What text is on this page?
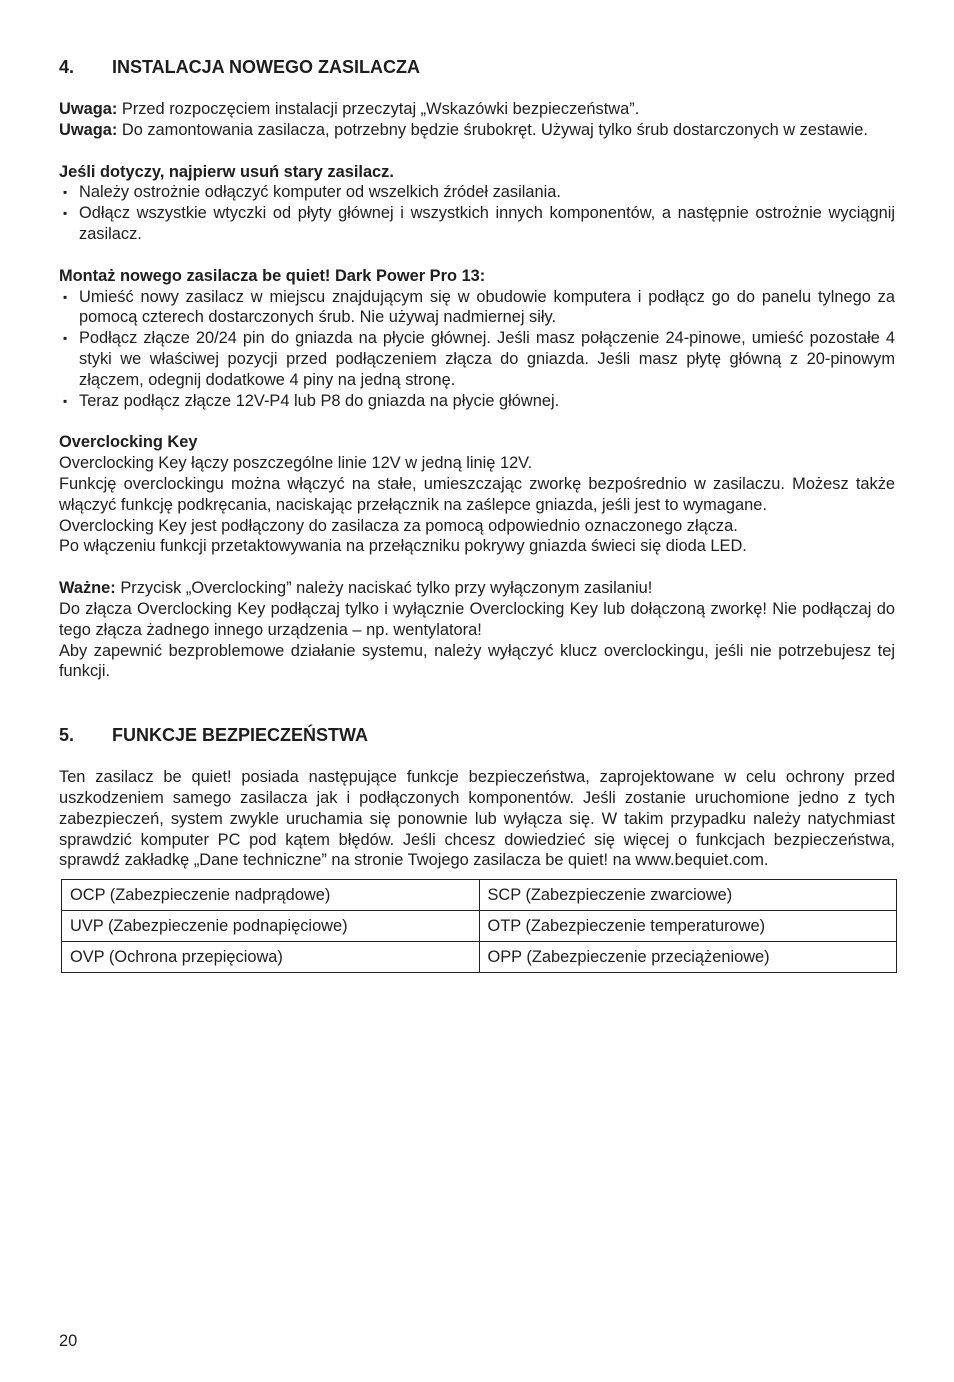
4.	INSTALACJA NOWEGO ZASILACZA

Uwaga: Przed rozpoczęciem instalacji przeczytaj „Wskazówki bezpieczeństwa”.

Uwaga: Do zamontowania zasilacza, potrzebny będzie śrubokręt. Używaj tylko śrub dostarczonych w zestawie.

Jeśli dotyczy, najpierw usuń stary zasilacz.

▪ Należy ostrożnie odłączyć komputer od wszelkich źródeł zasilania.
▪ Odłącz wszystkie wtyczki od płyty głównej i wszystkich innych komponentów, a następnie ostrożnie wyciągnij zasilacz.

Montaż nowego zasilacza be quiet! Dark Power Pro 13:

▪ Umieść nowy zasilacz w miejscu znajdującym się w obudowie komputera i podłącz go do panelu tylnego za pomocą czterech dostarczonych śrub. Nie używaj nadmiernej siły.
▪ Podłącz złącze 20/24 pin do gniazda na płycie głównej. Jeśli masz połączenie 24-pinowe, umieść pozostałe 4 styki we właściwej pozycji przed podłączeniem złącza do gniazda. Jeśli masz płytę główną z 20-pinowym złączem, odegnij dodatkowe 4 piny na jedną stronę.
▪ Teraz podłącz złącze 12V-P4 lub P8 do gniazda na płycie głównej.

Overclocking Key

Overclocking Key łączy poszczególne linie 12V w jedną linię 12V.

Funkcję overclockingu można włączyć na stałe, umieszczając zworkę bezpośrednio w zasilaczu. Możesz także włączyć funkcję podkręcania, naciskając przełącznik na zaślepce gniazda, jeśli jest to wymagane.

Overclocking Key jest podłączony do zasilacza za pomocą odpowiednio oznaczonego złącza.

Po włączeniu funkcji przetaktowywania na przełączniku pokrywy gniazda świeci się dioda LED.

Ważne: Przycisk „Overclocking” należy naciskać tylko przy wyłączonym zasilaniu!

Do złącza Overclocking Key podłączaj tylko i wyłącznie Overclocking Key lub dołączoną zworkę! Nie podłączaj do tego złącza żadnego innego urządzenia – np. wentylatora!

Aby zapewnić bezproblemowe działanie systemu, należy wyłączyć klucz overclockingu, jeśli nie potrzebujesz tej funkcji.

5.	FUNKCJE BEZPIECZEŃSTWA

Ten zasilacz be quiet! posiada następujące funkcje bezpieczeństwa, zaprojektowane w celu ochrony przed uszkodzeniem samego zasilacza jak i podłączonych komponentów. Jeśli zostanie uruchomione jedno z tych zabezpieczeń, system zwykle uruchamia się ponownie lub wyłącza się. W takim przypadku należy natychmiast sprawdzić komputer PC pod kątem błędów. Jeśli chcesz dowiedzieć się więcej o funkcjach bezpieczeństwa, sprawdź zakładkę „Dane techniczne” na stronie Twojego zasilacza be quiet! na www.bequiet.com.

OCP (Zabezpieczenie nadprądowe)	SCP (Zabezpieczenie zwarciowe)
UVP (Zabezpieczenie podnapięciowe)	OTP (Zabezpieczenie temperaturowe)
OVP (Ochrona przepięciowa)	OPP (Zabezpieczenie przeciążeniowe)
20
